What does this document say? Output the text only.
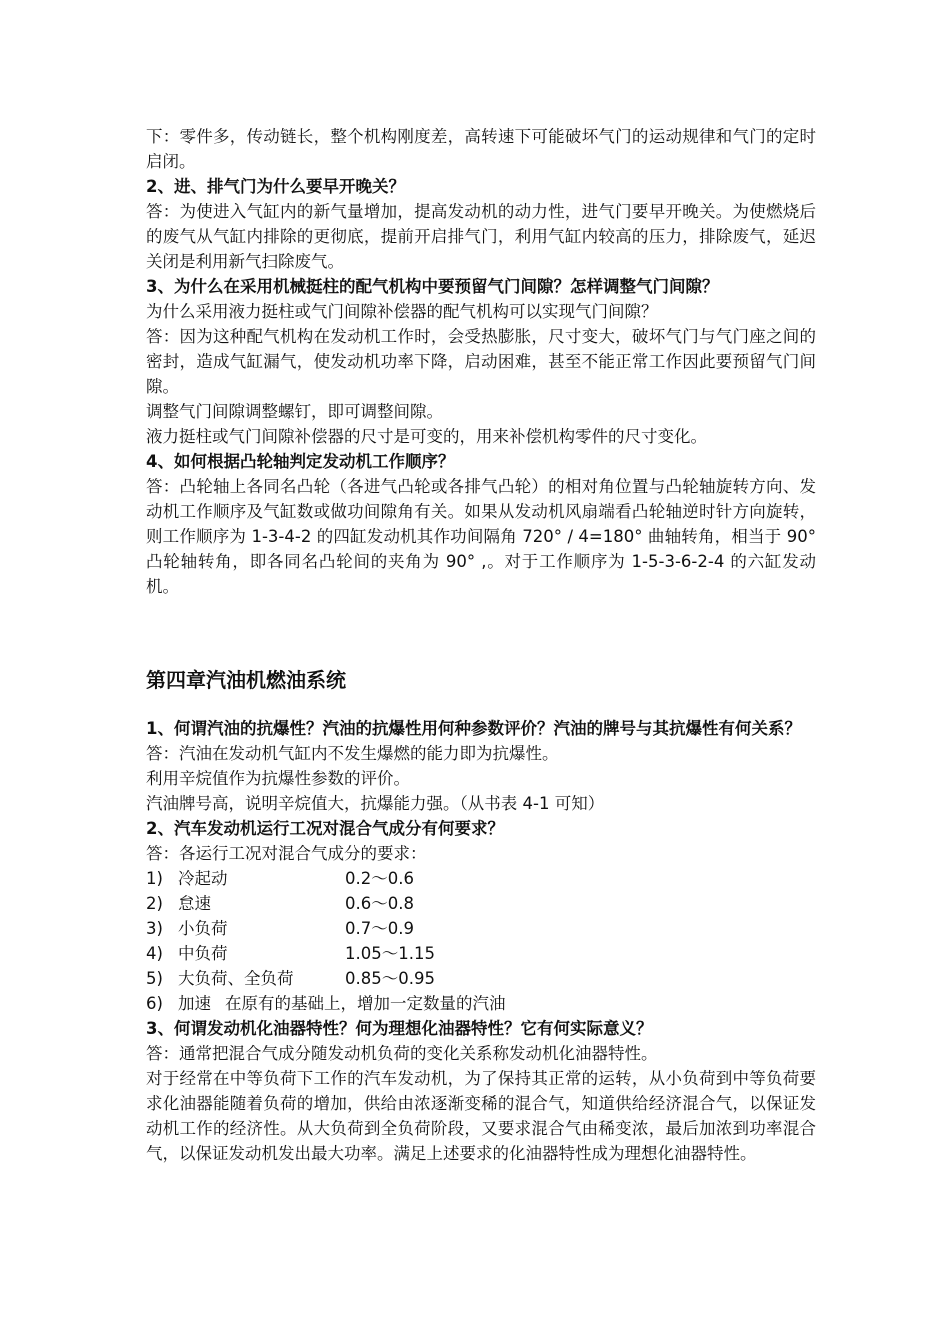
下：零件多，传动链长，整个机构刚度差，高转速下可能破坏气门的运动规律和气门的定时启闭。

2、进、排气门为什么要早开晚关？

答：为使进入气缸内的新气量增加，提高发动机的动力性，进气门要早开晚关。为使燃烧后的废气从气缸内排除的更彻底，提前开启排气门，利用气缸内较高的压力，排除废气，延迟关闭是利用新气扫除废气。

3、为什么在采用机械挺柱的配气机构中要预留气门间隙？怎样调整气门间隙？

为什么采用液力挺柱或气门间隙补偿器的配气机构可以实现气门间隙？

答：因为这种配气机构在发动机工作时，会受热膨胀，尺寸变大，破坏气门与气门座之间的密封，造成气缸漏气，使发动机功率下降，启动困难，甚至不能正常工作因此要预留气门间隙。

调整气门间隙调整螺钉，即可调整间隙。

液力挺柱或气门间隙补偿器的尺寸是可变的，用来补偿机构零件的尺寸变化。

4、如何根据凸轮轴判定发动机工作顺序？

答：凸轮轴上各同名凸轮（各进气凸轮或各排气凸轮）的相对角位置与凸轮轴旋转方向、发动机工作顺序及气缸数或做功间隙角有关。如果从发动机风扇端看凸轮轴逆时针方向旋转，则工作顺序为 1-3-4-2 的四缸发动机其作功间隔角 720° / 4=180° 曲轴转角，相当于 90° 凸轮轴转角，即各同名凸轮间的夹角为 90° ,。对于工作顺序为 1-5-3-6-2-4 的六缸发动机。

第四章汽油机燃油系统

1、何谓汽油的抗爆性？汽油的抗爆性用何种参数评价？汽油的牌号与其抗爆性有何关系？

答：汽油在发动机气缸内不发生爆燃的能力即为抗爆性。

利用辛烷值作为抗爆性参数的评价。

汽油牌号高，说明辛烷值大，抗爆能力强。（从书表 4-1 可知）

2、汽车发动机运行工况对混合气成分有何要求？

答：各运行工况对混合气成分的要求：

1) 冷起动	0.2～0.6
2) 怠速	0.6～0.8
3) 小负荷	0.7～0.9
4) 中负荷	1.05～1.15
5) 大负荷、全负荷	0.85～0.95
6) 加速 在原有的基础上，增加一定数量的汽油

3、何谓发动机化油器特性？何为理想化油器特性？它有何实际意义？

答：通常把混合气成分随发动机负荷的变化关系称发动机化油器特性。

对于经常在中等负荷下工作的汽车发动机，为了保持其正常的运转，从小负荷到中等负荷要求化油器能随着负荷的增加，供给由浓逐渐变稀的混合气，知道供给经济混合气，以保证发动机工作的经济性。从大负荷到全负荷阶段，又要求混合气由稀变浓，最后加浓到功率混合气，以保证发动机发出最大功率。满足上述要求的化油器特性成为理想化油器特性。
